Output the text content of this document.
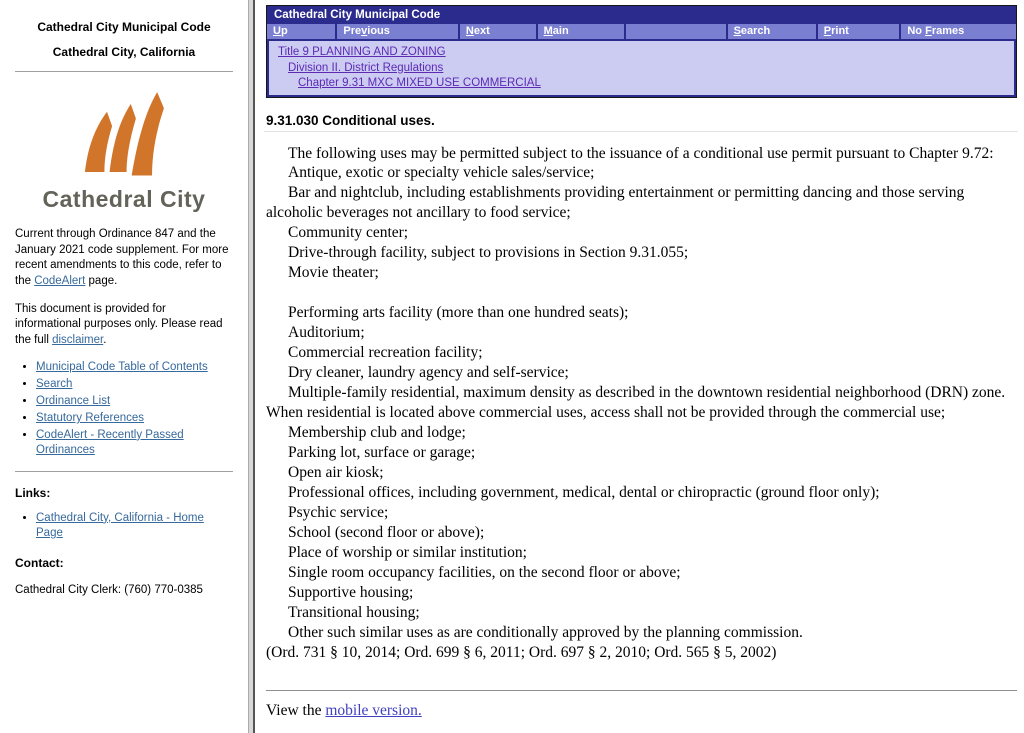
Cathedral City Municipal Code
Cathedral City, California
Cathedral City
Current through Ordinance 847 and the January 2021 code supplement. For more recent amendments to this code, refer to the CodeAlert page.
This document is provided for informational purposes only. Please read the full disclaimer.
• Municipal Code Table of Contents
• Search
• Ordinance List
• Statutory References
• CodeAlert - Recently Passed Ordinances
Links:
• Cathedral City, California - Home Page
Contact:
Cathedral City Clerk: (760) 770-0385
Cathedral City Municipal Code
Up	Previous	Next	Main	Search	Print	No Frames
Title 9 PLANNING AND ZONING
Division II. District Regulations
Chapter 9.31 MXC MIXED USE COMMERCIAL
9.31.030 Conditional uses.

The following uses may be permitted subject to the issuance of a conditional use permit pursuant to Chapter 9.72:

Antique, exotic or specialty vehicle sales/service;

Bar and nightclub, including establishments providing entertainment or permitting dancing and those serving alcoholic beverages not ancillary to food service;

Community center;

Drive-through facility, subject to provisions in Section 9.31.055;

Movie theater;

Performing arts facility (more than one hundred seats);

Auditorium;

Commercial recreation facility;

Dry cleaner, laundry agency and self-service;

Multiple-family residential, maximum density as described in the downtown residential neighborhood (DRN) zone. When residential is located above commercial uses, access shall not be provided through the commercial use;

Membership club and lodge;

Parking lot, surface or garage;

Open air kiosk;

Professional offices, including government, medical, dental or chiropractic (ground floor only);

Psychic service;

School (second floor or above);

Place of worship or similar institution;

Single room occupancy facilities, on the second floor or above;

Supportive housing;

Transitional housing;

Other such similar uses as are conditionally approved by the planning commission.

(Ord. 731 § 10, 2014; Ord. 699 § 6, 2011; Ord. 697 § 2, 2010; Ord. 565 § 5, 2002)
View the mobile version.
